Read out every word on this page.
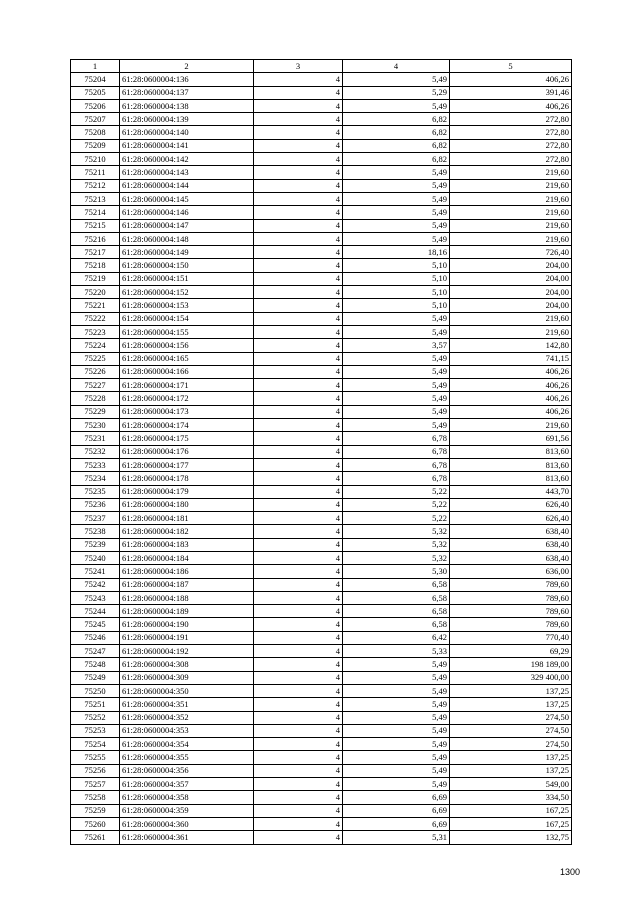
1	2	3	4	5
75204	61:28:0600004:136	4	5,49	406,26
75205	61:28:0600004:137	4	5,29	391,46
75206	61:28:0600004:138	4	5,49	406,26
75207	61:28:0600004:139	4	6,82	272,80
75208	61:28:0600004:140	4	6,82	272,80
75209	61:28:0600004:141	4	6,82	272,80
75210	61:28:0600004:142	4	6,82	272,80
75211	61:28:0600004:143	4	5,49	219,60
75212	61:28:0600004:144	4	5,49	219,60
75213	61:28:0600004:145	4	5,49	219,60
75214	61:28:0600004:146	4	5,49	219,60
75215	61:28:0600004:147	4	5,49	219,60
75216	61:28:0600004:148	4	5,49	219,60
75217	61:28:0600004:149	4	18,16	726,40
75218	61:28:0600004:150	4	5,10	204,00
75219	61:28:0600004:151	4	5,10	204,00
75220	61:28:0600004:152	4	5,10	204,00
75221	61:28:0600004:153	4	5,10	204,00
75222	61:28:0600004:154	4	5,49	219,60
75223	61:28:0600004:155	4	5,49	219,60
75224	61:28:0600004:156	4	3,57	142,80
75225	61:28:0600004:165	4	5,49	741,15
75226	61:28:0600004:166	4	5,49	406,26
75227	61:28:0600004:171	4	5,49	406,26
75228	61:28:0600004:172	4	5,49	406,26
75229	61:28:0600004:173	4	5,49	406,26
75230	61:28:0600004:174	4	5,49	219,60
75231	61:28:0600004:175	4	6,78	691,56
75232	61:28:0600004:176	4	6,78	813,60
75233	61:28:0600004:177	4	6,78	813,60
75234	61:28:0600004:178	4	6,78	813,60
75235	61:28:0600004:179	4	5,22	443,70
75236	61:28:0600004:180	4	5,22	626,40
75237	61:28:0600004:181	4	5,22	626,40
75238	61:28:0600004:182	4	5,32	638,40
75239	61:28:0600004:183	4	5,32	638,40
75240	61:28:0600004:184	4	5,32	638,40
75241	61:28:0600004:186	4	5,30	636,00
75242	61:28:0600004:187	4	6,58	789,60
75243	61:28:0600004:188	4	6,58	789,60
75244	61:28:0600004:189	4	6,58	789,60
75245	61:28:0600004:190	4	6,58	789,60
75246	61:28:0600004:191	4	6,42	770,40
75247	61:28:0600004:192	4	5,33	69,29
75248	61:28:0600004:308	4	5,49	198 189,00
75249	61:28:0600004:309	4	5,49	329 400,00
75250	61:28:0600004:350	4	5,49	137,25
75251	61:28:0600004:351	4	5,49	137,25
75252	61:28:0600004:352	4	5,49	274,50
75253	61:28:0600004:353	4	5,49	274,50
75254	61:28:0600004:354	4	5,49	274,50
75255	61:28:0600004:355	4	5,49	137,25
75256	61:28:0600004:356	4	5,49	137,25
75257	61:28:0600004:357	4	5,49	549,00
75258	61:28:0600004:358	4	6,69	334,50
75259	61:28:0600004:359	4	6,69	167,25
75260	61:28:0600004:360	4	6,69	167,25
75261	61:28:0600004:361	4	5,31	132,75
1300
